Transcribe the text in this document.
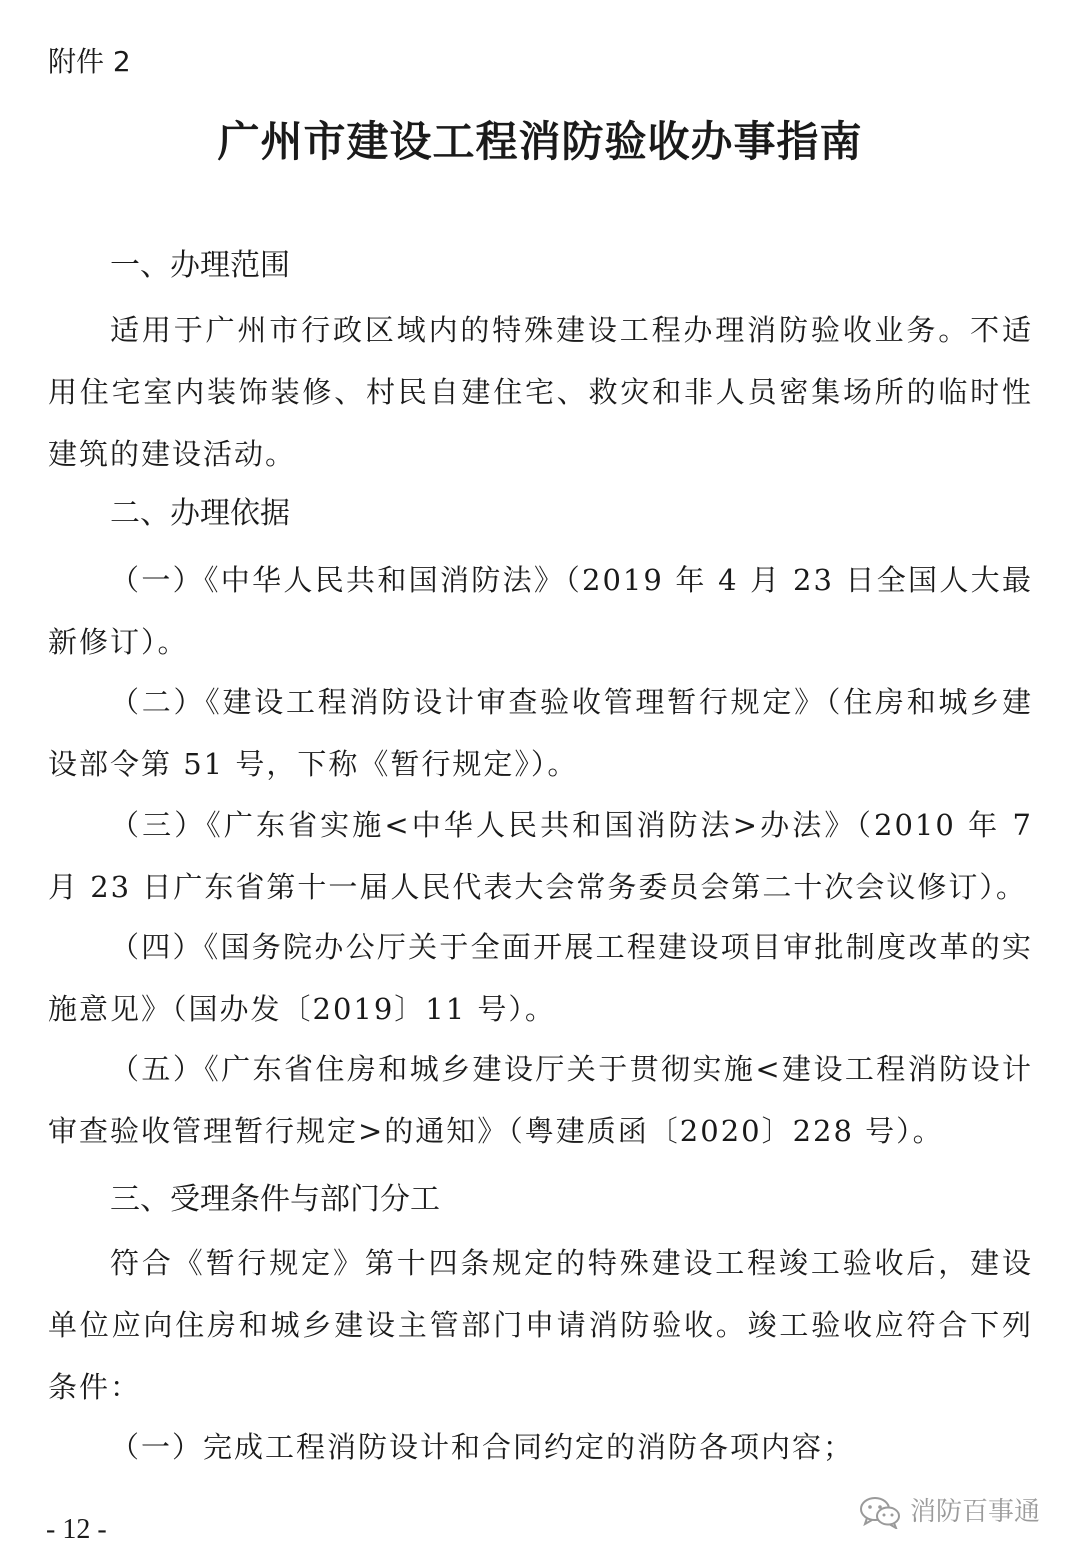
附件 2
广州市建设工程消防验收办事指南
一、办理范围

适用于广州市行政区域内的特殊建设工程办理消防验收业务。不适用住宅室内装饰装修、村民自建住宅、救灾和非人员密集场所的临时性建筑的建设活动。

二、办理依据

（一）《中华人民共和国消防法》（2019 年 4 月 23 日全国人大最新修订）。

（二）《建设工程消防设计审查验收管理暂行规定》（住房和城乡建设部令第 51 号，下称《暂行规定》）。

（三）《广东省实施<中华人民共和国消防法>办法》（2010 年 7 月 23 日广东省第十一届人民代表大会常务委员会第二十次会议修订）。

（四）《国务院办公厅关于全面开展工程建设项目审批制度改革的实施意见》（国办发〔2019〕11 号）。

（五）《广东省住房和城乡建设厅关于贯彻实施<建设工程消防设计审查验收管理暂行规定>的通知》（粤建质函〔2020〕228 号）。

三、受理条件与部门分工

符合《暂行规定》第十四条规定的特殊建设工程竣工验收后，建设单位应向住房和城乡建设主管部门申请消防验收。竣工验收应符合下列条件：

（一）完成工程消防设计和合同约定的消防各项内容；

- 12 -
消防百事通
